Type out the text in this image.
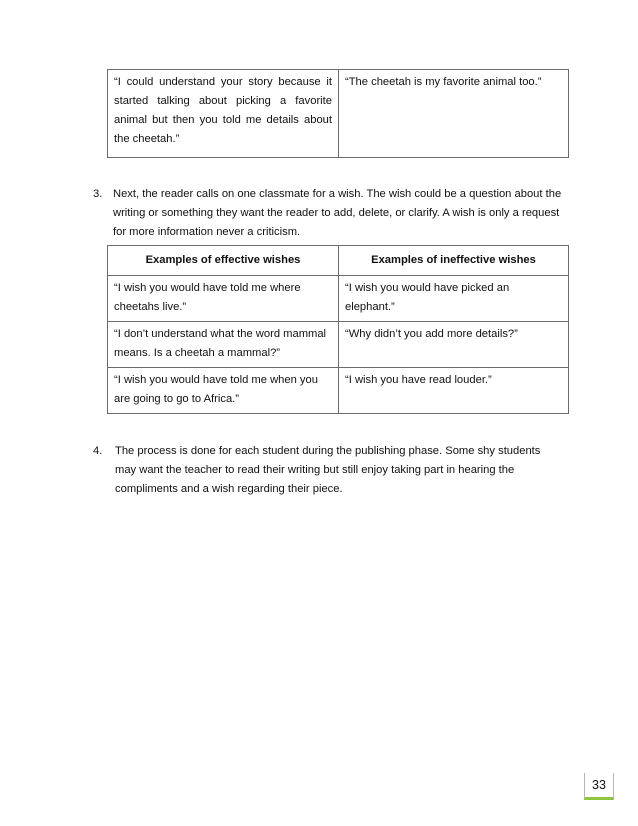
“I could understand your story because it started talking about picking a favorite animal but then you told me details about the cheetah.”	“The cheetah is my favorite animal too.”
3. Next, the reader calls on one classmate for a wish. The wish could be a question about the writing or something they want the reader to add, delete, or clarify. A wish is only a request for more information never a criticism.
Examples of effective wishes	Examples of ineffective wishes
“I wish you would have told me where cheetahs live.”	“I wish you would have picked an elephant.”
“I don’t understand what the word mammal means. Is a cheetah a mammal?”	“Why didn’t you add more details?”
“I wish you would have told me when you are going to go to Africa.”	“I wish you have read louder.”
4. The process is done for each student during the publishing phase. Some shy students may want the teacher to read their writing but still enjoy taking part in hearing the compliments and a wish regarding their piece.
33
